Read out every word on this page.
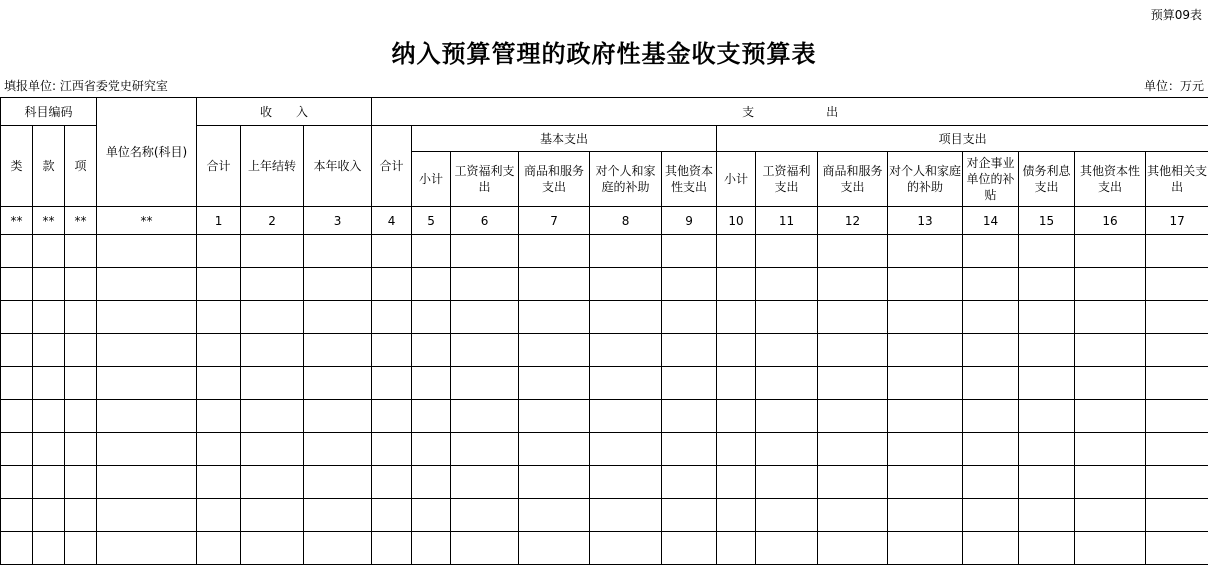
预算09表
纳入预算管理的政府性基金收支预算表
填报单位: 江西省委党史研究室	单位：万元
科目编码			单位名称(科目)	收　　入			支　　　　　　出													
类	款	项		合计	上年结转	本年收入	合计	基本支出					项目支出							
								小计	工资福利支出	商品和服务支出	对个人和家庭的补助	其他资本性支出	小计	工资福利支出	商品和服务支出	对个人和家庭的补助	对企事业单位的补贴	债务利息支出	其他资本性支出	其他相关支出
**	**	**	**	1	2	3	4	5	6	7	8	9	10	11	12	13	14	15	16	17
